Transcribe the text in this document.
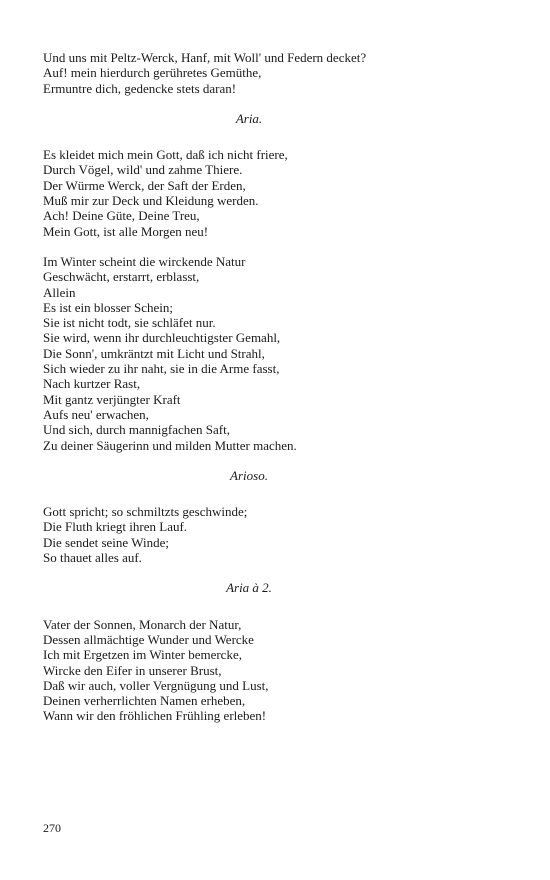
Und uns mit Peltz-Werck, Hanf, mit Woll' und Federn decket?
Auf! mein hierdurch gerühretes Gemüthe,
Ermuntre dich, gedencke stets daran!
Aria.
Es kleidet mich mein Gott, daß ich nicht friere,
Durch Vögel, wild' und zahme Thiere.
Der Würme Werck, der Saft der Erden,
Muß mir zur Deck und Kleidung werden.
Ach! Deine Güte, Deine Treu,
Mein Gott, ist alle Morgen neu!
Im Winter scheint die wirckende Natur
Geschwächt, erstarrt, erblasst,
Allein
Es ist ein blosser Schein;
Sie ist nicht todt, sie schläfet nur.
Sie wird, wenn ihr durchleuchtigster Gemahl,
Die Sonn', umkräntzt mit Licht und Strahl,
Sich wieder zu ihr naht, sie in die Arme fasst,
Nach kurtzer Rast,
Mit gantz verjüngter Kraft
Aufs neu' erwachen,
Und sich, durch mannigfachen Saft,
Zu deiner Säugerinn und milden Mutter machen.
Arioso.
Gott spricht; so schmiltzts geschwinde;
Die Fluth kriegt ihren Lauf.
Die sendet seine Winde;
So thauet alles auf.
Aria à 2.
Vater der Sonnen, Monarch der Natur,
Dessen allmächtige Wunder und Wercke
Ich mit Ergetzen im Winter bemercke,
Wircke den Eifer in unserer Brust,
Daß wir auch, voller Vergnügung und Lust,
Deinen verherrlichten Namen erheben,
Wann wir den fröhlichen Frühling erleben!
270
